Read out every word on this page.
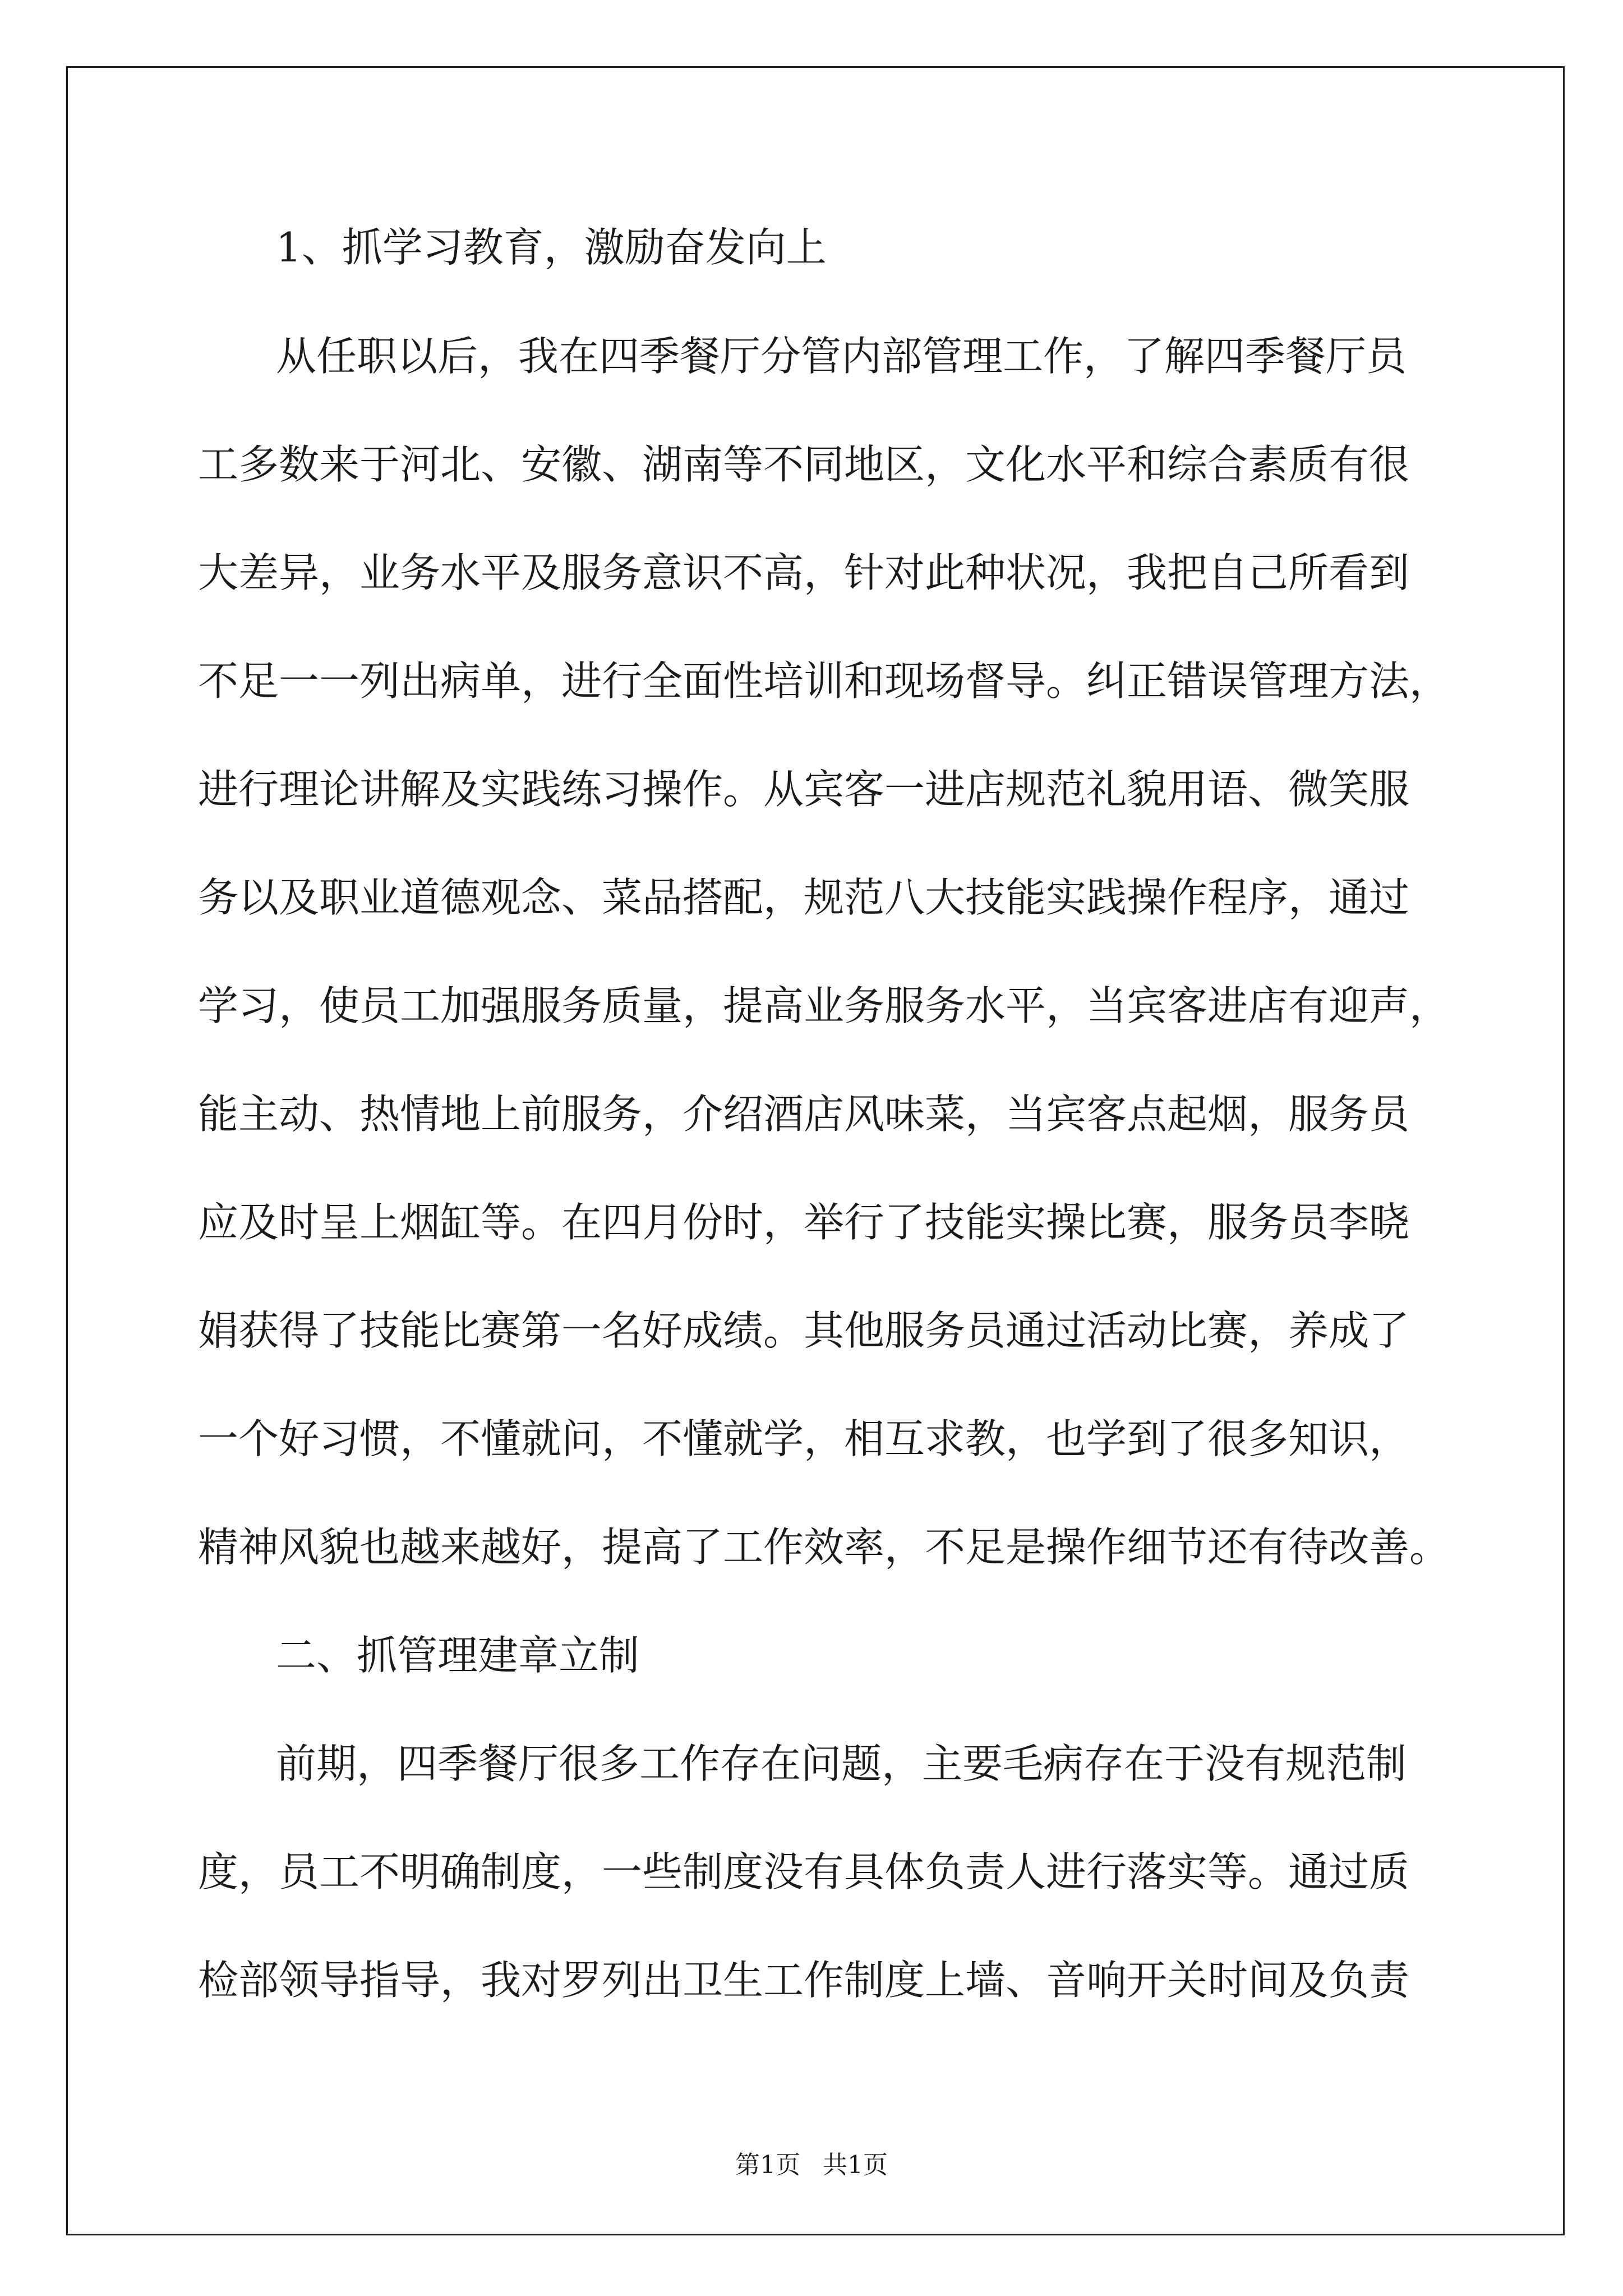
1、抓学习教育，激励奋发向上
从任职以后，我在四季餐厅分管内部管理工作，了解四季餐厅员
工多数来于河北、安徽、湖南等不同地区，文化水平和综合素质有很
大差异，业务水平及服务意识不高，针对此种状况，我把自己所看到
不足一一列出病单，进行全面性培训和现场督导。纠正错误管理方法，
进行理论讲解及实践练习操作。从宾客一进店规范礼貌用语、微笑服
务以及职业道德观念、菜品搭配，规范八大技能实践操作程序，通过
学习，使员工加强服务质量，提高业务服务水平，当宾客进店有迎声，
能主动、热情地上前服务，介绍酒店风味菜，当宾客点起烟，服务员
应及时呈上烟缸等。在四月份时，举行了技能实操比赛，服务员李晓
娟获得了技能比赛第一名好成绩。其他服务员通过活动比赛，养成了
一个好习惯，不懂就问，不懂就学，相互求教，也学到了很多知识，
精神风貌也越来越好，提高了工作效率，不足是操作细节还有待改善。
二、抓管理建章立制
前期，四季餐厅很多工作存在问题，主要毛病存在于没有规范制
度，员工不明确制度，一些制度没有具体负责人进行落实等。通过质
检部领导指导，我对罗列出卫生工作制度上墙、音响开关时间及负责
第1页 共1页
